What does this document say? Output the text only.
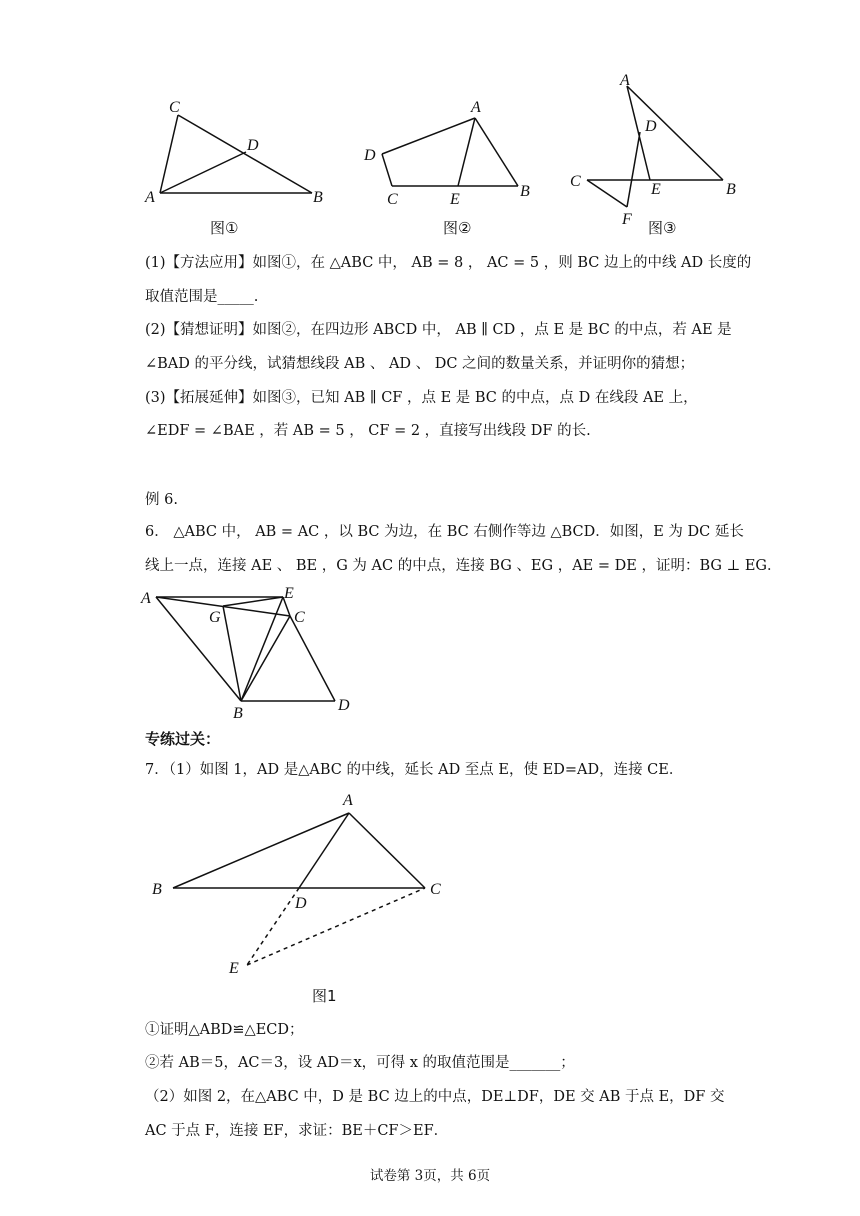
C
D
A	B
图①
A
D
C	E	B
图②
A
D
C	E	B
F 图③
(1)【方法应用】如图①，在 △ABC 中， AB = 8 ， AC = 5 ，则 BC 边上的中线 AD 长度的
取值范围是_____.
(2)【猜想证明】如图②，在四边形 ABCD 中， AB ∥ CD ，点 E 是 BC 的中点，若 AE 是
∠BAD 的平分线，试猜想线段 AB 、 AD 、 DC 之间的数量关系，并证明你的猜想；
(3)【拓展延伸】如图③，已知 AB ∥ CF ，点 E 是 BC 的中点，点 D 在线段 AE 上，
∠EDF = ∠BAE ，若 AB = 5 ， CF = 2 ，直接写出线段 DF 的长.
例 6.
6． △ABC 中， AB = AC ，以 BC 为边，在 BC 右侧作等边 △BCD．如图，E 为 DC 延长
线上一点，连接 AE 、 BE ，G 为 AC 的中点，连接 BG 、EG ，AE = DE ，证明：BG ⊥ EG．
A	E
G	C
B	D
专练过关：
7．（1）如图 1，AD 是△ABC 的中线，延长 AD 至点 E，使 ED=AD，连接 CE．
A
B
D
C
E
图1
①证明△ABD≌△ECD；
②若 AB＝5，AC＝3，设 AD＝x，可得 x 的取值范围是_______；
（2）如图 2，在△ABC 中，D 是 BC 边上的中点，DE⊥DF，DE 交 AB 于点 E，DF 交
AC 于点 F，连接 EF，求证：BE＋CF＞EF．
试卷第 3页，共 6页
